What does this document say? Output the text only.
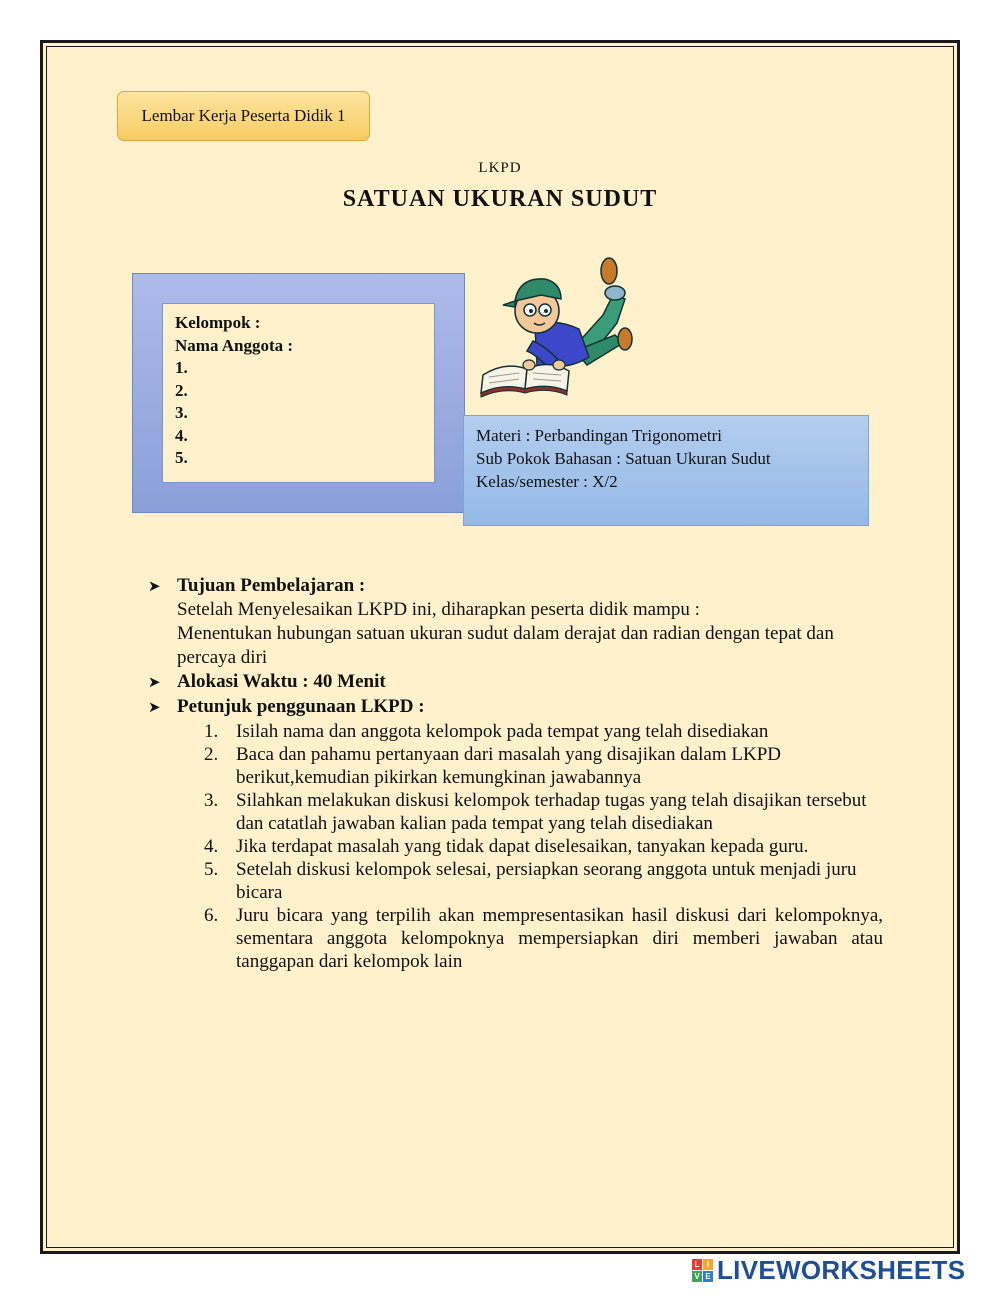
Lembar Kerja Peserta Didik 1
LKPD
SATUAN UKURAN SUDUT
Kelompok :
Nama Anggota :
1.
2.
3.
4.
5.
Materi : Perbandingan Trigonometri
Sub Pokok Bahasan : Satuan Ukuran Sudut
Kelas/semester : X/2
➤ Tujuan Pembelajaran :
Setelah Menyelesaikan LKPD ini, diharapkan peserta didik mampu :
Menentukan hubungan satuan ukuran sudut dalam derajat dan radian dengan tepat dan percaya diri
➤ Alokasi Waktu : 40 Menit
➤ Petunjuk penggunaan LKPD :
1. Isilah nama dan anggota kelompok pada tempat yang telah disediakan
2. Baca dan pahamu pertanyaan dari masalah yang disajikan dalam LKPD berikut,kemudian pikirkan kemungkinan jawabannya
3. Silahkan melakukan diskusi kelompok terhadap tugas yang telah disajikan tersebut dan catatlah jawaban kalian pada tempat yang telah disediakan
4. Jika terdapat masalah yang tidak dapat diselesaikan, tanyakan kepada guru.
5. Setelah diskusi kelompok selesai, persiapkan seorang anggota untuk menjadi juru bicara
6. Juru bicara yang terpilih akan mempresentasikan hasil diskusi dari kelompoknya, sementara anggota kelompoknya mempersiapkan diri memberi jawaban atau tanggapan dari kelompok lain
L I
V E LIVEWORKSHEETS
